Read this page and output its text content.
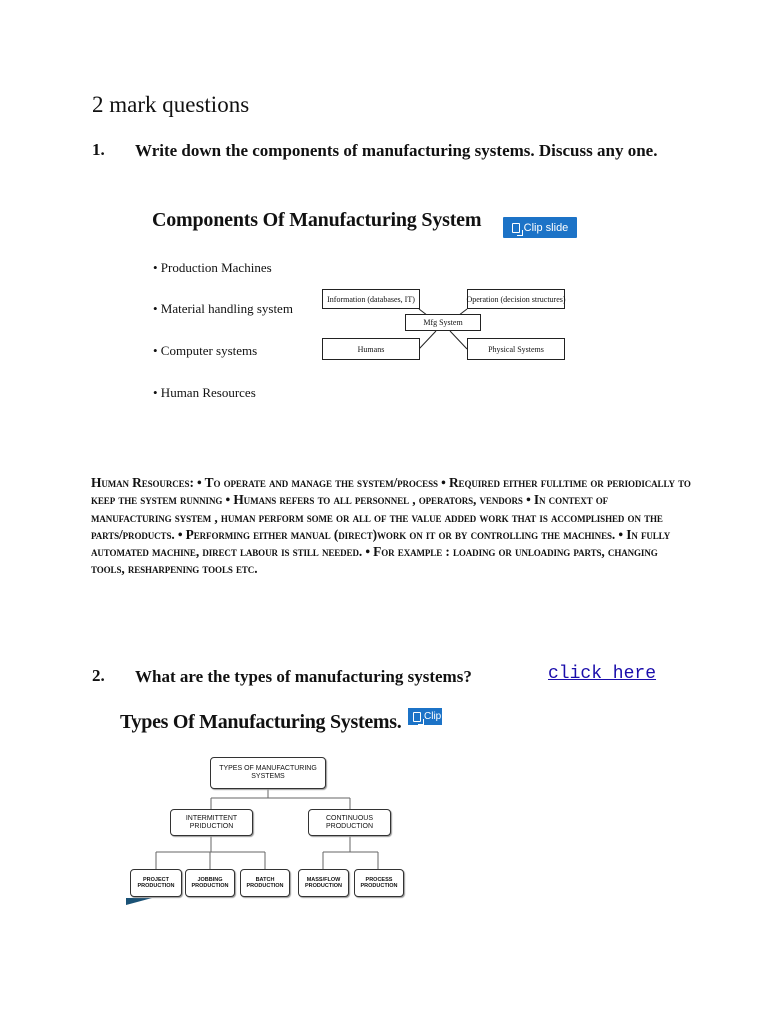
2 mark questions
1. Write down the components of manufacturing systems. Discuss any one.
Components Of Manufacturing System	Clip slide
• Production Machines
• Material handling system
• Computer systems
• Human Resources
Information (databases, IT)	Operation (decision structures)
Mfg System
Humans	Physical Systems

Human Resources: • To operate and manage the system/process • Required either fulltime or periodically to keep the system running • Humans refers to all personnel , operators, vendors • In context of manufacturing system , human perform some or all of the value added work that is accomplished on the parts/products. • Performing either manual (direct)work on it or by controlling the machines. • In fully automated machine, direct labour is still needed. • For example : loading or unloading parts, changing tools, resharpening tools etc.

2. What are the types of manufacturing systems?	click here
Types Of Manufacturing Systems. Clip
TYPES OF MANUFACTURING SYSTEMS
INTERMITTENT PRIDUCTION
CONTINUOUS PRODUCTION
PROJECT PRODUCTION
JOBBING PRODUCTION
BATCH PRODUCTION
MASS/FLOW PRODUCTION
PROCESS PRODUCTION
